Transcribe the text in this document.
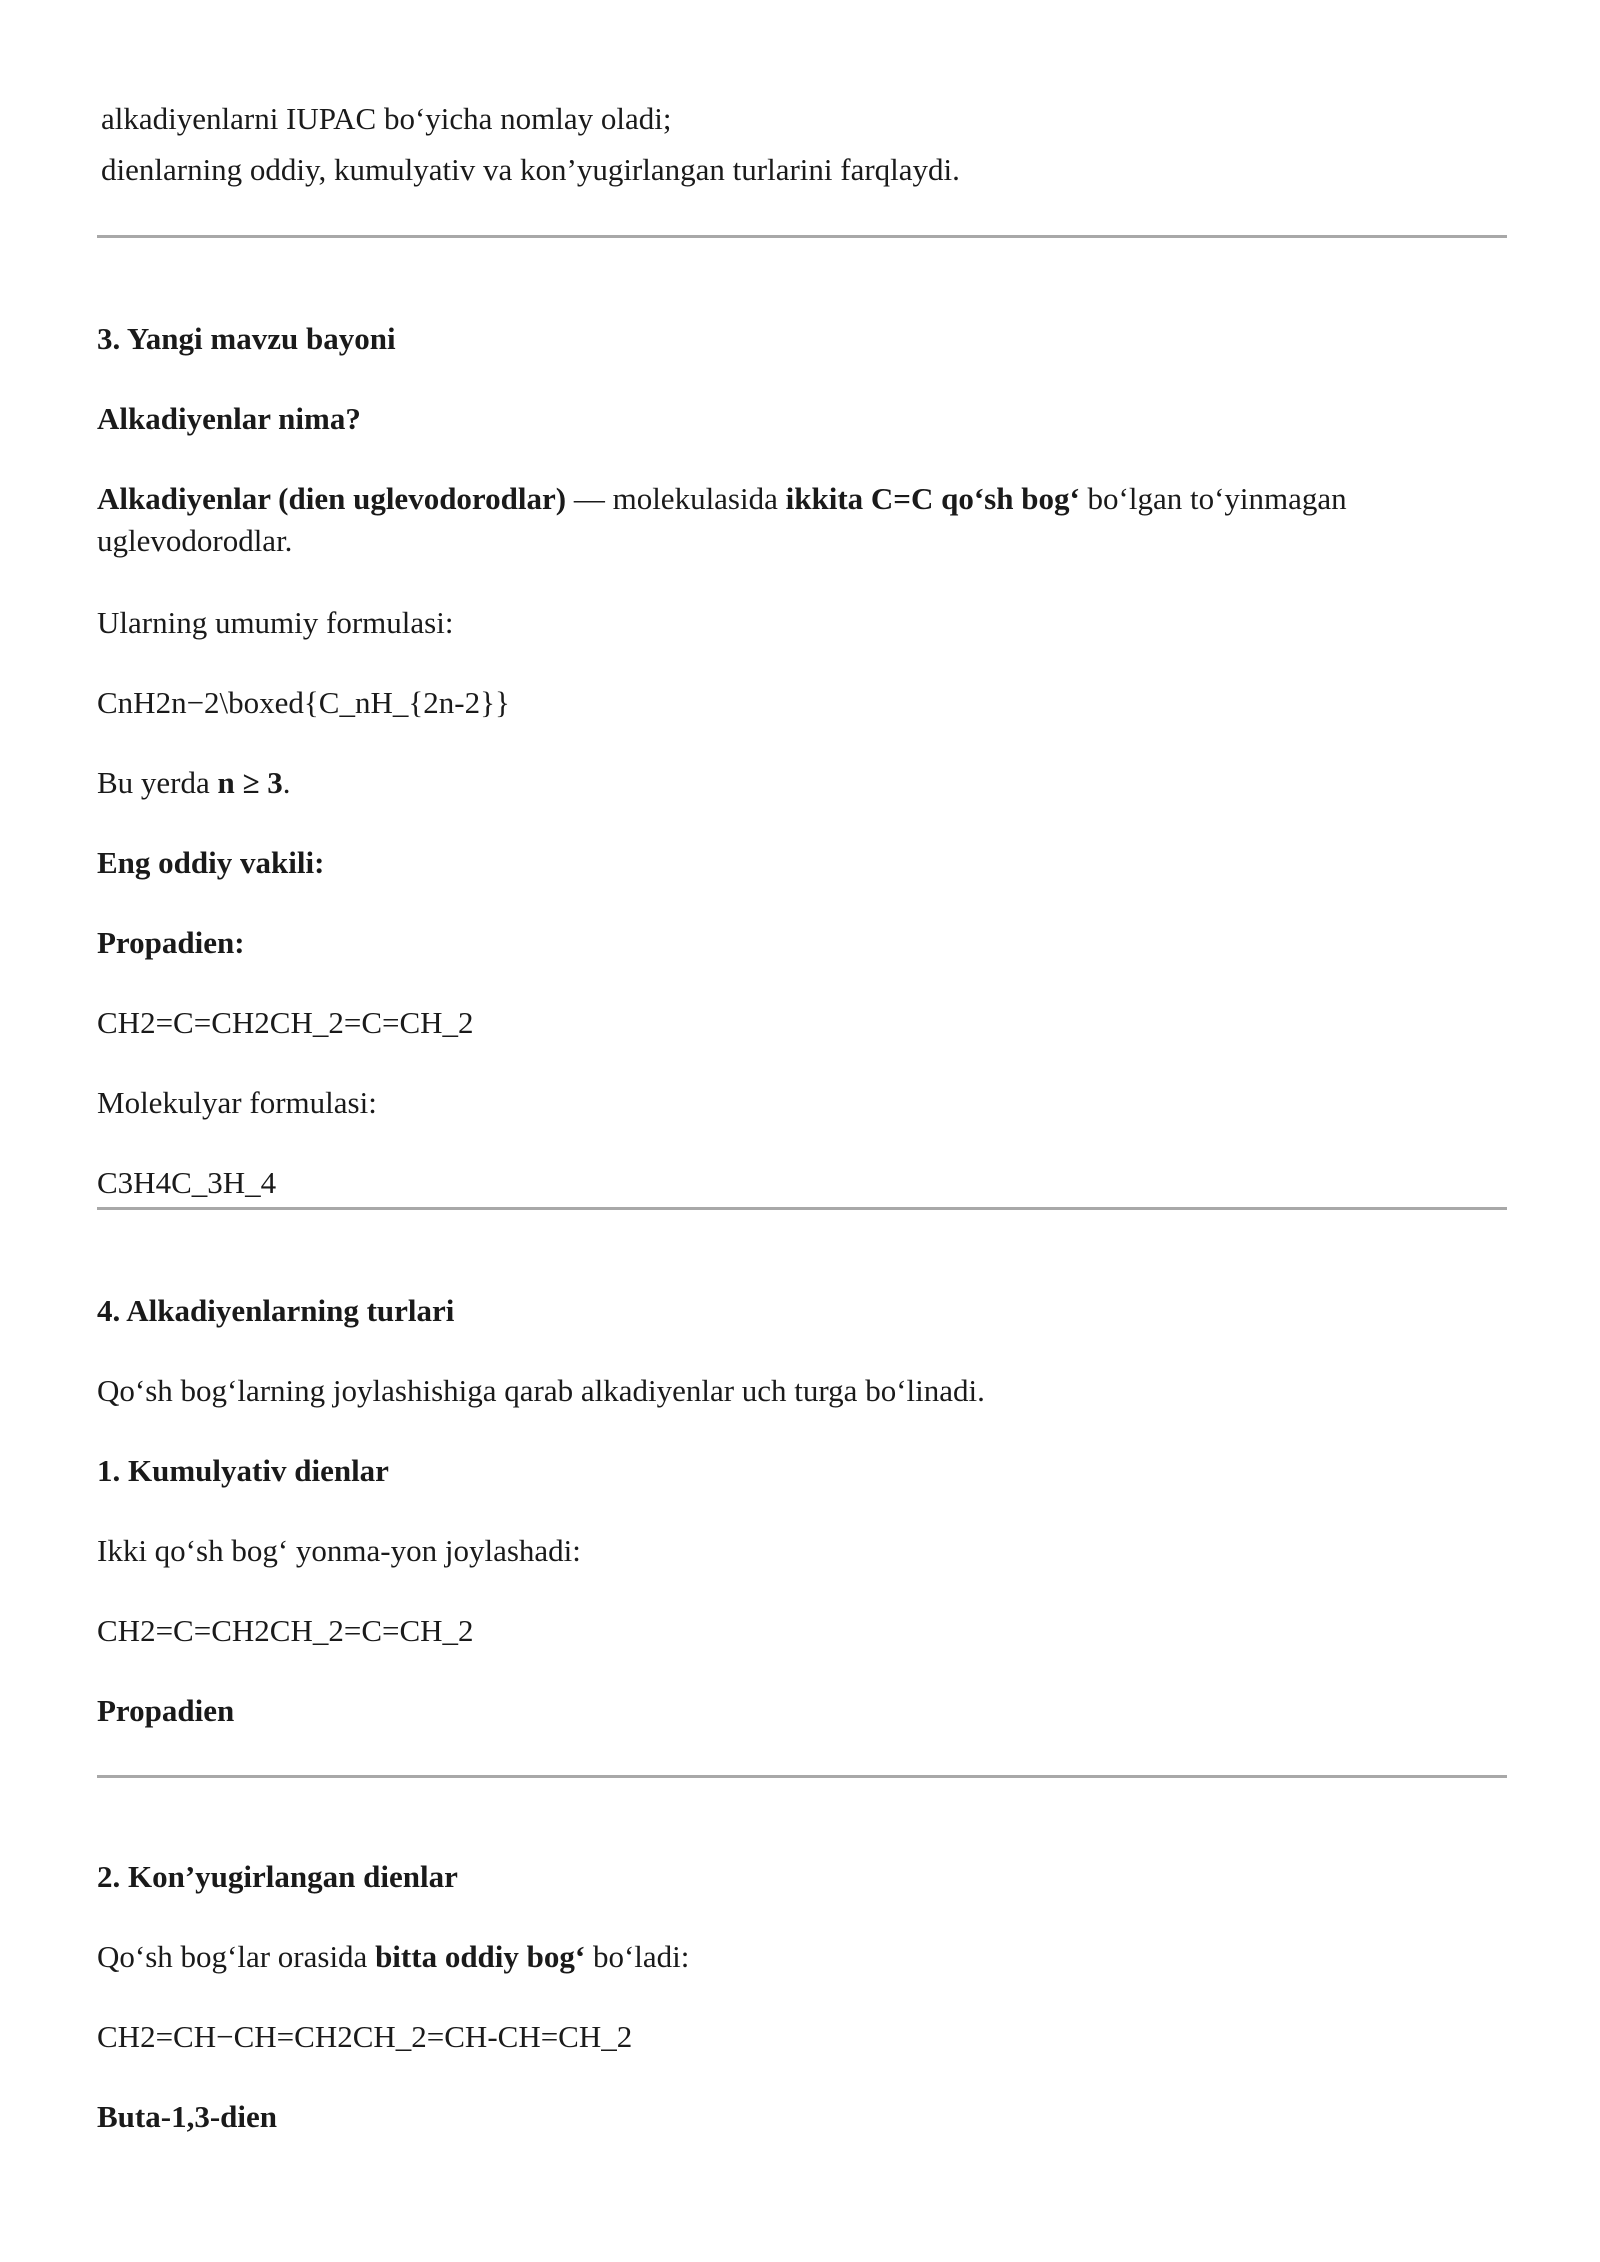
alkadiyenlarni IUPAC bo‘yicha nomlay oladi;
dienlarning oddiy, kumulyativ va kon’yugirlangan turlarini farqlaydi.
3. Yangi mavzu bayoni
Alkadiyenlar nima?
Alkadiyenlar (dien uglevodorodlar) — molekulasida ikkita C=C qo‘sh bog‘ bo‘lgan to‘yinmagan uglevodorodlar.
Ularning umumiy formulasi:
CnH2n−2\boxed{C_nH_{2n-2}}
Bu yerda n ≥ 3.
Eng oddiy vakili:
Propadien:
CH2=C=CH2CH_2=C=CH_2
Molekulyar formulasi:
C3H4C_3H_4
4. Alkadiyenlarning turlari
Qo‘sh bog‘larning joylashishiga qarab alkadiyenlar uch turga bo‘linadi.
1. Kumulyativ dienlar
Ikki qo‘sh bog‘ yonma-yon joylashadi:
CH2=C=CH2CH_2=C=CH_2
Propadien
2. Kon’yugirlangan dienlar
Qo‘sh bog‘lar orasida bitta oddiy bog‘ bo‘ladi:
CH2=CH−CH=CH2CH_2=CH-CH=CH_2
Buta-1,3-dien
